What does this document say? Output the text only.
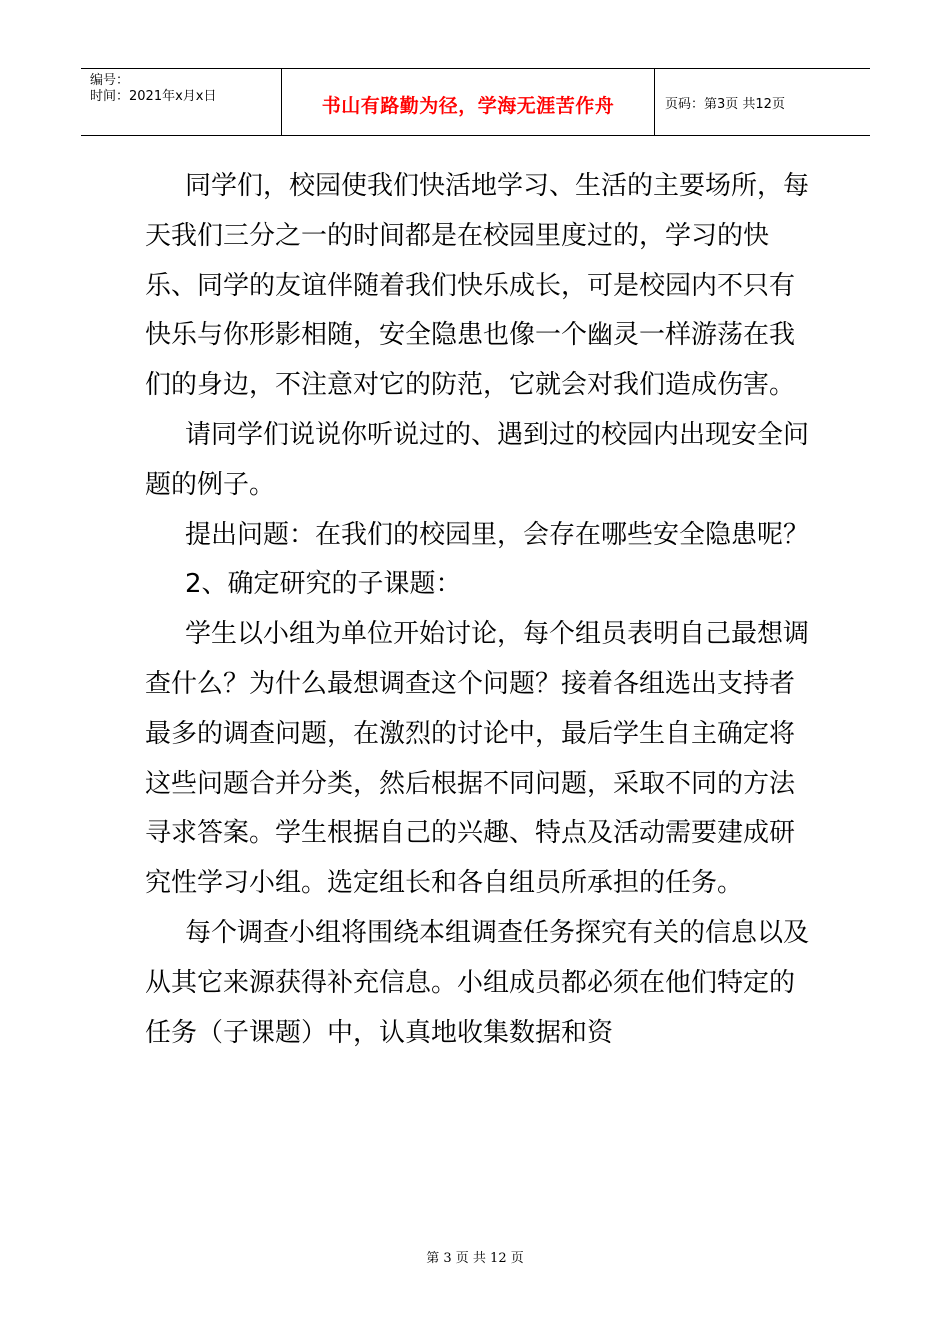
编号：
时间：2021年x月x日	书山有路勤为径，学海无涯苦作舟	页码：第3页 共12页

同学们，校园使我们快活地学习、生活的主要场所，每天我们三分之一的时间都是在校园里度过的，学习的快乐、同学的友谊伴随着我们快乐成长，可是校园内不只有快乐与你形影相随，安全隐患也像一个幽灵一样游荡在我们的身边，不注意对它的防范，它就会对我们造成伤害。

请同学们说说你听说过的、遇到过的校园内出现安全问题的例子。

提出问题：在我们的校园里，会存在哪些安全隐患呢？

2、确定研究的子课题：

学生以小组为单位开始讨论，每个组员表明自己最想调查什么？为什么最想调查这个问题？接着各组选出支持者最多的调查问题，在激烈的讨论中，最后学生自主确定将这些问题合并分类，然后根据不同问题，采取不同的方法寻求答案。学生根据自己的兴趣、特点及活动需要建成研究性学习小组。选定组长和各自组员所承担的任务。

每个调查小组将围绕本组调查任务探究有关的信息以及从其它来源获得补充信息。小组成员都必须在他们特定的任务（子课题）中，认真地收集数据和资

第 3 页 共 12 页
